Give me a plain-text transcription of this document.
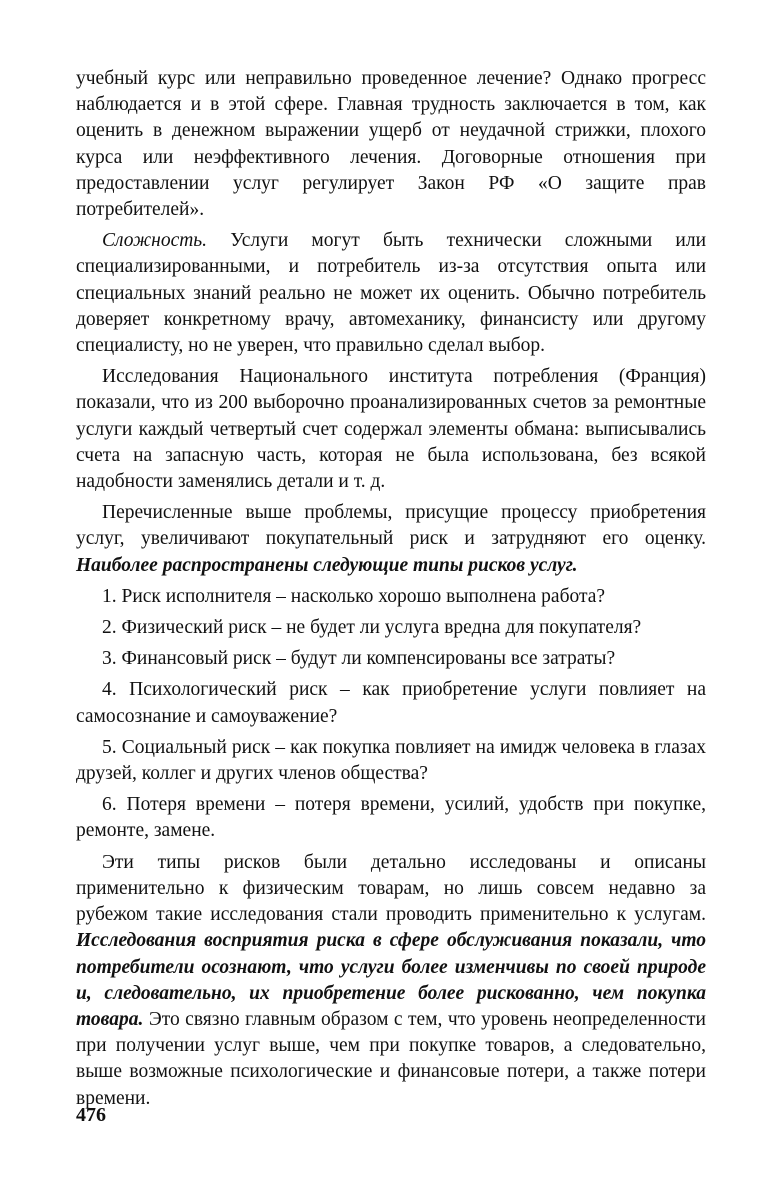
учебный курс или неправильно проведенное лечение? Однако прогресс наблюдается и в этой сфере. Главная трудность заключается в том, как оценить в денежном выражении ущерб от неудачной стрижки, плохого курса или неэффективного лечения. Договорные отношения при предоставлении услуг регулирует Закон РФ «О защите прав потребителей».

Сложность. Услуги могут быть технически сложными или специализированными, и потребитель из-за отсутствия опыта или специальных знаний реально не может их оценить. Обычно потребитель доверяет конкретному врачу, автомеханику, финансисту или другому специалисту, но не уверен, что правильно сделал выбор.

Исследования Национального института потребления (Франция) показали, что из 200 выборочно проанализированных счетов за ремонтные услуги каждый четвертый счет содержал элементы обмана: выписывались счета на запасную часть, которая не была использована, без всякой надобности заменялись детали и т. д.

Перечисленные выше проблемы, присущие процессу приобретения услуг, увеличивают покупательный риск и затрудняют его оценку. Наиболее распространены следующие типы рисков услуг.

1. Риск исполнителя – насколько хорошо выполнена работа?

2. Физический риск – не будет ли услуга вредна для покупателя?

3. Финансовый риск – будут ли компенсированы все затраты?

4. Психологический риск – как приобретение услуги повлияет на самосознание и самоуважение?

5. Социальный риск – как покупка повлияет на имидж человека в глазах друзей, коллег и других членов общества?

6. Потеря времени – потеря времени, усилий, удобств при покупке, ремонте, замене.

Эти типы рисков были детально исследованы и описаны применительно к физическим товарам, но лишь совсем недавно за рубежом такие исследования стали проводить применительно к услугам. Исследования восприятия риска в сфере обслуживания показали, что потребители осознают, что услуги более изменчивы по своей природе и, следовательно, их приобретение более рискованно, чем покупка товара. Это связно главным образом с тем, что уровень неопределенности при получении услуг выше, чем при покупке товаров, а следовательно, выше возможные психологические и финансовые потери, а также потери времени.

476
